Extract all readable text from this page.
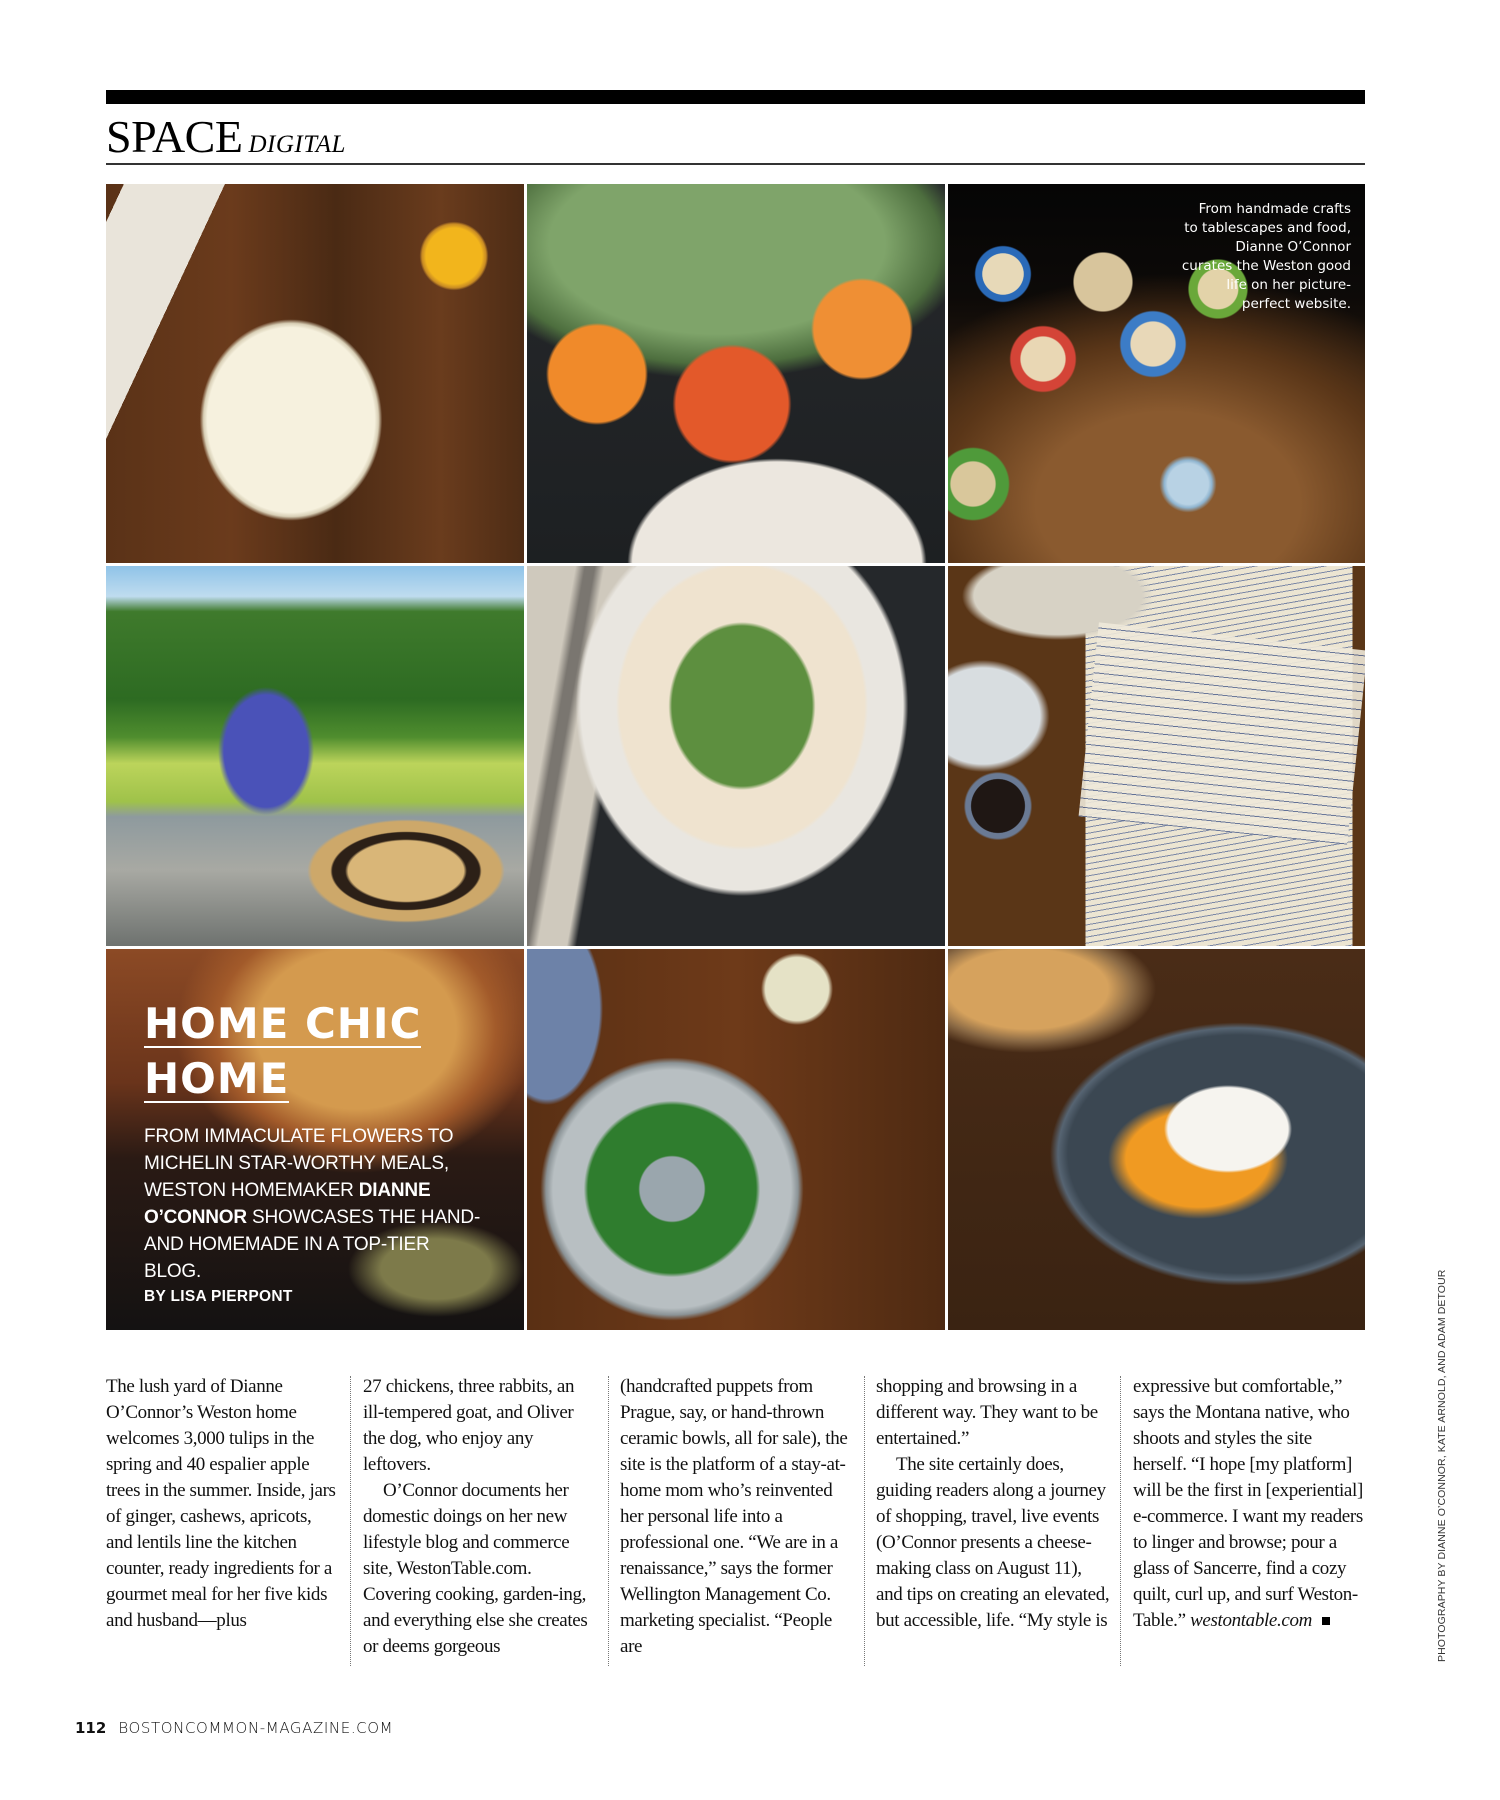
SPACE DIGITAL
From handmade crafts to tablescapes and food, Dianne O’Connor curates the Weston good life on her picture-perfect website.
HOME CHIC
HOME
FROM IMMACULATE FLOWERS TO MICHELIN STAR-WORTHY MEALS, WESTON HOMEMAKER DIANNE O’CONNOR SHOWCASES THE HAND- AND HOMEMADE IN A TOP-TIER BLOG.
BY LISA PIERPONT

The lush yard of Dianne O’Connor’s Weston home welcomes 3,000 tulips in the spring and 40 espalier apple trees in the summer. Inside, jars of ginger, cashews, apricots, and lentils line the kitchen counter, ready ingredients for a gourmet meal for her five kids and husband—plus

27 chickens, three rabbits, an ill-tempered goat, and Oliver the dog, who enjoy any leftovers.

O’Connor documents her domestic doings on her new lifestyle blog and commerce site, WestonTable.com. Covering cooking, garden-ing, and everything else she creates or deems gorgeous

(handcrafted puppets from Prague, say, or hand-thrown ceramic bowls, all for sale), the site is the platform of a stay-at-home mom who’s reinvented her personal life into a professional one. “We are in a renaissance,” says the former Wellington Management Co. marketing specialist. “People are

shopping and browsing in a different way. They want to be entertained.”

The site certainly does, guiding readers along a journey of shopping, travel, live events (O’Connor presents a cheese-making class on August 11), and tips on creating an elevated, but accessible, life. “My style is

expressive but comfortable,” says the Montana native, who shoots and styles the site herself. “I hope [my platform] will be the first in [experiential] e-commerce. I want my readers to linger and browse; pour a glass of Sancerre, find a cozy quilt, curl up, and surf Weston-Table.” westontable.com	PHOTOGRAPHY BY DIANNE O’CONNOR, KATE ARNOLD, AND ADAM DETOUR
112 BOSTONCOMMON-MAGAZINE.COM
